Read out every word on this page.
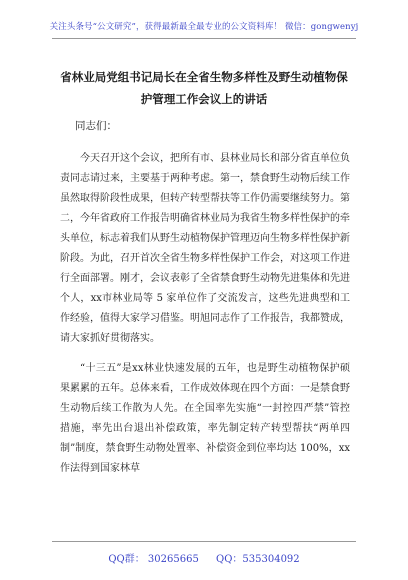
关注头条号“公文研究”，获得最新最全最专业的公文资料库！ 微信：gongwenyj
省林业局党组书记局长在全省生物多样性及野生动植物保护管理工作会议上的讲话
同志们：

今天召开这个会议，把所有市、县林业局长和部分省直单位负责同志请过来，主要基于两种考虑。第一，禁食野生动物后续工作虽然取得阶段性成果，但转产转型帮扶等工作仍需要继续努力。第二，今年省政府工作报告明确省林业局为我省生物多样性保护的牵头单位，标志着我们从野生动植物保护管理迈向生物多样性保护新阶段。为此，召开首次全省生物多样性保护工作会，对这项工作进行全面部署。刚才，会议表彰了全省禁食野生动物先进集体和先进个人，xx市林业局等 5 家单位作了交流发言，这些先进典型和工作经验，值得大家学习借鉴。明旭同志作了工作报告，我都赞成，请大家抓好贯彻落实。

“十三五”是xx林业快速发展的五年，也是野生动植物保护硕果累累的五年。总体来看，工作成效体现在四个方面：一是禁食野生动物后续工作散为人先。在全国率先实施“一封控四严禁”管控措施，率先出台退出补偿政策，率先制定转产转型帮扶“两单四制”制度，禁食野生动物处置率、补偿资金到位率均达 100%，xx作法得到国家林草

QQ群： 30265665 QQ：535304092
